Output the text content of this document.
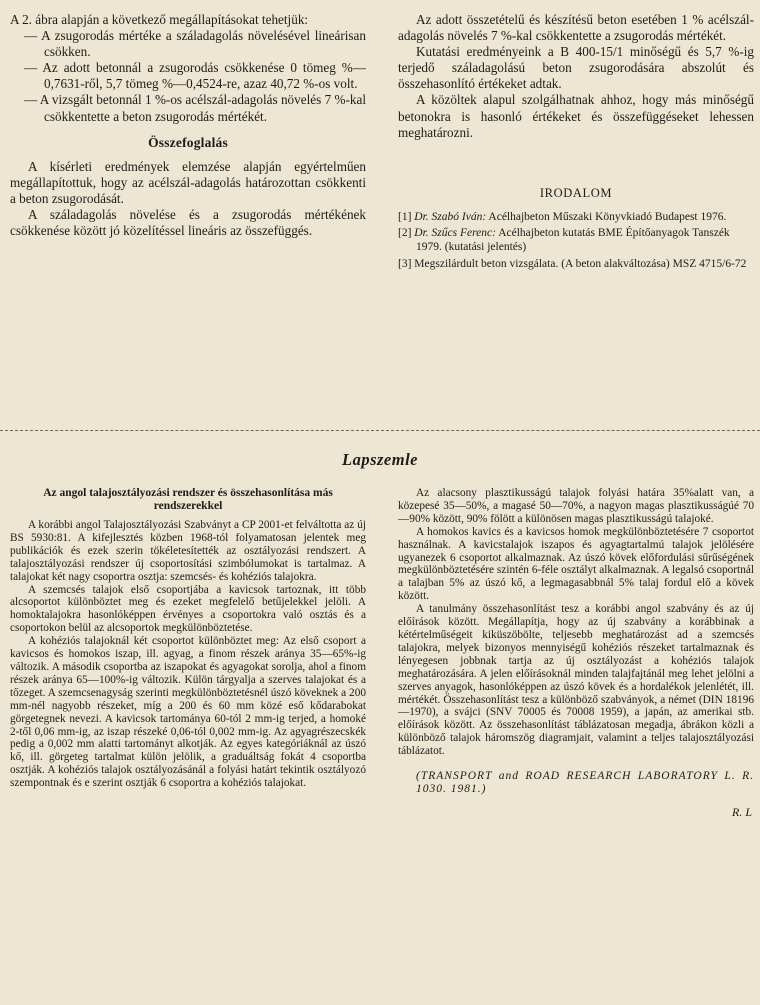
A 2. ábra alapján a következő megállapításokat tehetjük:

— A zsugorodás mértéke a száladagolás növelésével lineárisan csökken.

— Az adott betonnál a zsugorodás csökkenése 0 tömeg %—0,7631-ről, 5,7 tömeg %—0,4524-re, azaz 40,72 %-os volt.

— A vizsgált betonnál 1 %-os acélszál-adagolás növelés 7 %-kal csökkentette a beton zsugorodás mértékét.

Összefoglalás

A kísérleti eredmények elemzése alapján egyértelműen megállapítottuk, hogy az acélszál-adagolás határozottan csökkenti a beton zsugorodását.

A száladagolás növelése és a zsugorodás mértékének csökkenése között jó közelítéssel lineáris az összefüggés.

Az adott összetételű és készítésű beton esetében 1 % acélszál-adagolás növelés 7 %-kal csökkentette a zsugorodás mértékét.

Kutatási eredményeink a B 400-15/1 minőségű és 5,7 %-ig terjedő száladagolású beton zsugorodására abszolút és összehasonlító értékeket adtak.

A közöltek alapul szolgálhatnak ahhoz, hogy más minőségű betonokra is hasonló értékeket és összefüggéseket lehessen meghatározni.

IRODALOM

[1] Dr. Szabó Iván: Acélhajbeton Műszaki Könyvkiadó Budapest 1976.

[2] Dr. Szűcs Ferenc: Acélhajbeton kutatás BME Építőanyagok Tanszék 1979. (kutatási jelentés)

[3] Megszilárdult beton vizsgálata. (A beton alakváltozása) MSZ 4715/6-72

Lapszemle
Az angol talajosztályozási rendszer és összehasonlítása más rendszerekkel

A korábbi angol Talajosztályozási Szabványt a CP 2001-et felváltotta az új BS 5930:81. A kifejlesztés közben 1968-tól folyamatosan jelentek meg publikációk és ezek szerin tökéletesítették az osztályozási rendszert. A talajosztályozási rendszer új csoportosítási szimbólumokat is tartalmaz. A talajokat két nagy csoportra osztja: szemcsés- és kohéziós talajokra.

A szemcsés talajok első csoportjába a kavicsok tartoznak, itt több alcsoportot különböztet meg és ezeket megfelelő betűjelekkel jelöli. A homoktalajokra hasonlóképpen érvényes a csoportokra való osztás és a csoportokon belül az alcsoportok megkülönböztetése.

A kohéziós talajoknál két csoportot különböztet meg: Az első csoport a kavicsos és homokos iszap, ill. agyag, a finom részek aránya 35—65%-ig változik. A második csoportba az iszapokat és agyagokat sorolja, ahol a finom részek aránya 65—100%-ig változik. Külön tárgyalja a szerves talajokat és a tőzeget. A szemcsenagyság szerinti megkülönböztetésnél úszó köveknek a 200 mm-nél nagyobb részeket, míg a 200 és 60 mm közé eső kődarabokat görgetegnek nevezi. A kavicsok tartománya 60-tól 2 mm-ig terjed, a homoké 2-től 0,06 mm-ig, az iszap részeké 0,06-tól 0,002 mm-ig. Az agyagrészecskék pedig a 0,002 mm alatti tartományt alkotják. Az egyes kategóriáknál az úszó kő, ill. görgeteg tartalmat külön jelölik, a graduáltság fokát 4 csoportba osztják. A kohéziós talajok osztályozásánál a folyási határt tekintik osztályozó szempontnak és e szerint osztják 6 csoportra a kohéziós talajokat.

Az alacsony plasztikusságú talajok folyási határa 35%alatt van, a közepesé 35—50%, a magasé 50—70%, a nagyon magas plasztikusságúé 70—90% között, 90% fölött a különösen magas plasztikusságú talajoké.

A homokos kavics és a kavicsos homok megkülönböztetésére 7 csoportot használnak. A kavicstalajok iszapos és agyagtartalmú talajok jelölésére ugyanezek 6 csoportot alkalmaznak. Az úszó kövek előfordulási sűrűségének megkülönböztetésére szintén 6-féle osztályt alkalmaznak. A legalsó csoportnál a talajban 5% az úszó kő, a legmagasabbnál 5% talaj fordul elő a kövek között.

A tanulmány összehasonlítást tesz a korábbi angol szabvány és az új előírások között. Megállapítja, hogy az új szabvány a korábbinak a kétértelműségeit kiküszöbölte, teljesebb meghatározást ad a szemcsés talajokra, melyek bizonyos mennyiségű kohéziós részeket tartalmaznak és lényegesen jobbnak tartja az új osztályozást a kohéziós talajok meghatározására. A jelen előírásoknál minden talajfajtánál meg lehet jelölni a szerves anyagok, hasonlóképpen az úszó kövek és a hordalékok jelenlétét, ill. mértékét. Összehasonlítást tesz a különböző szabványok, a német (DIN 18196—1970), a svájci (SNV 70005 és 70008 1959), a japán, az amerikai stb. előírások között. Az összehasonlítást táblázatosan megadja, ábrákon közli a különböző talajok háromszög diagramjait, valamint a teljes talajosztályozási táblázatot.

(TRANSPORT and ROAD RESEARCH LABORATORY L. R. 1030. 1981.)
R. L
